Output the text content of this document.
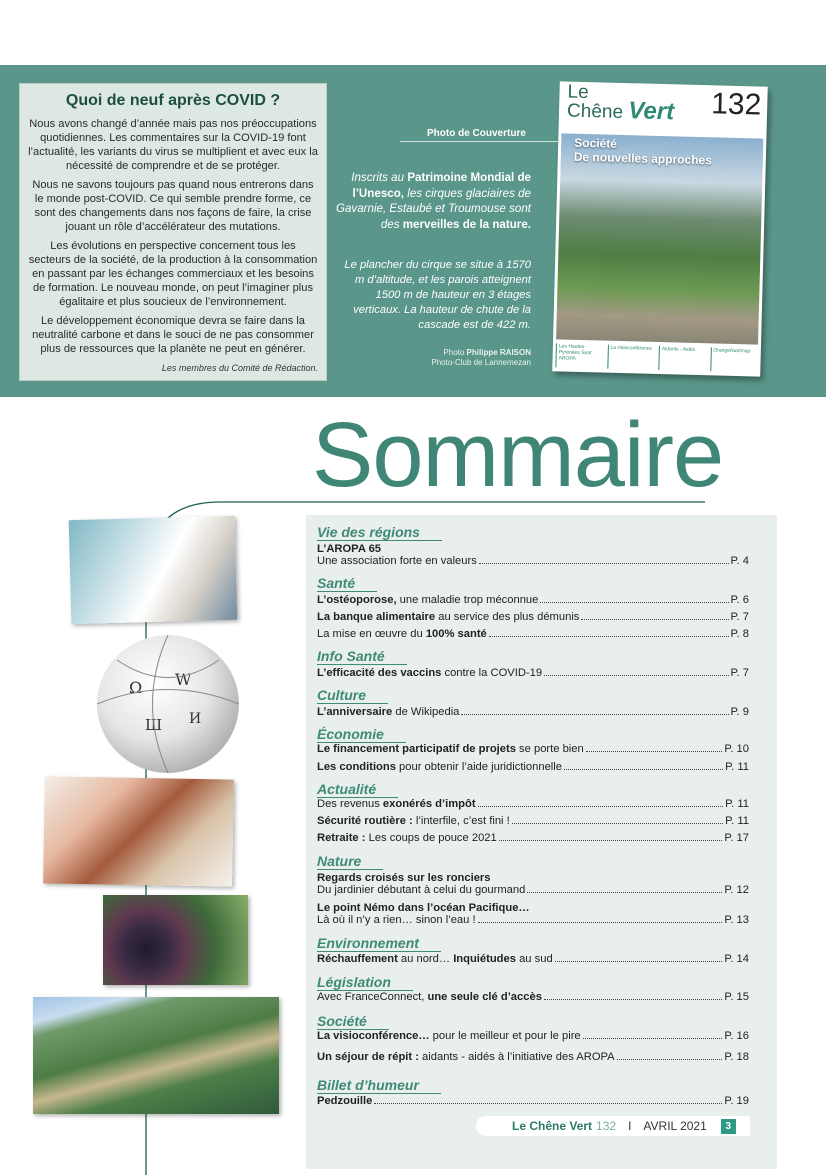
Quoi de neuf après COVID ?

Nous avons changé d’année mais pas nos préoccupations quotidiennes. Les commentaires sur la COVID-19 font l’actualité, les variants du virus se multiplient et avec eux la nécessité de comprendre et de se protéger.

Nous ne savons toujours pas quand nous entrerons dans le monde post-COVID. Ce qui semble prendre forme, ce sont des changements dans nos façons de faire, la crise jouant un rôle d’accélérateur des mutations.

Les évolutions en perspective concernent tous les secteurs de la société, de la production à la consommation en passant par les échanges commerciaux et les besoins de formation. Le nouveau monde, on peut l’imaginer plus égalitaire et plus soucieux de l’environnement.

Le développement économique devra se faire dans la neutralité carbone et dans le souci de ne pas consommer plus de ressources que la planète ne peut en générer.

Les membres du Comité de Rédaction.

Photo de Couverture
Inscrits au Patrimoine Mondial de l’Unesco, les cirques glaciaires de Gavarnie, Estaubé et Troumouse sont des merveilles de la nature.
Le plancher du cirque se situe à 1570 m d’altitude, et les parois atteignent 1500 m de hauteur en 3 étages verticaux. La hauteur de chute de la cascade est de 422 m.
Photo Philippe RAISON
Photo-Club de Lannemezan
Le
Chêne Vert 132
Société
De nouvelles approches
Les Hautes-Pyrénées Sont AROPA
La visioconférence	Aidants - Aidés	OrangeNutrimap
Sommaire
Ω W
Ш И
Vie des régions
L’AROPA 65
Une association forte en valeurs	P. 4
Santé
L’ostéoporose, une maladie trop méconnue	P. 6
La banque alimentaire au service des plus démunis	P. 7
La mise en œuvre du 100% santé	P. 8
Info Santé
L’efficacité des vaccins contre la COVID-19	P. 7
Culture
L’anniversaire de Wikipedia	P. 9
Économie
Le financement participatif de projets se porte bien	P. 10
Les conditions pour obtenir l’aide juridictionnelle	P. 11
Actualité
Des revenus exonérés d’impôt	P. 11
Sécurité routière : l’interfile, c’est fini !	P. 11
Retraite : Les coups de pouce 2021	P. 17
Nature
Regards croisés sur les ronciers
Du jardinier débutant à celui du gourmand	P. 12
Le point Némo dans l’océan Pacifique…
Là où il n’y a rien… sinon l’eau !	P. 13
Environnement
Réchauffement au nord… Inquiétudes au sud	P. 14
Législation
Avec FranceConnect, une seule clé d’accès	P. 15
Société
La visioconférence… pour le meilleur et pour le pire	P. 16
Un séjour de répit : aidants - aidés à l’initiative des AROPA	P. 18
Billet d’humeur
Pedzouille	P. 19
Le Chêne Vert 132 I AVRIL 2021	3
